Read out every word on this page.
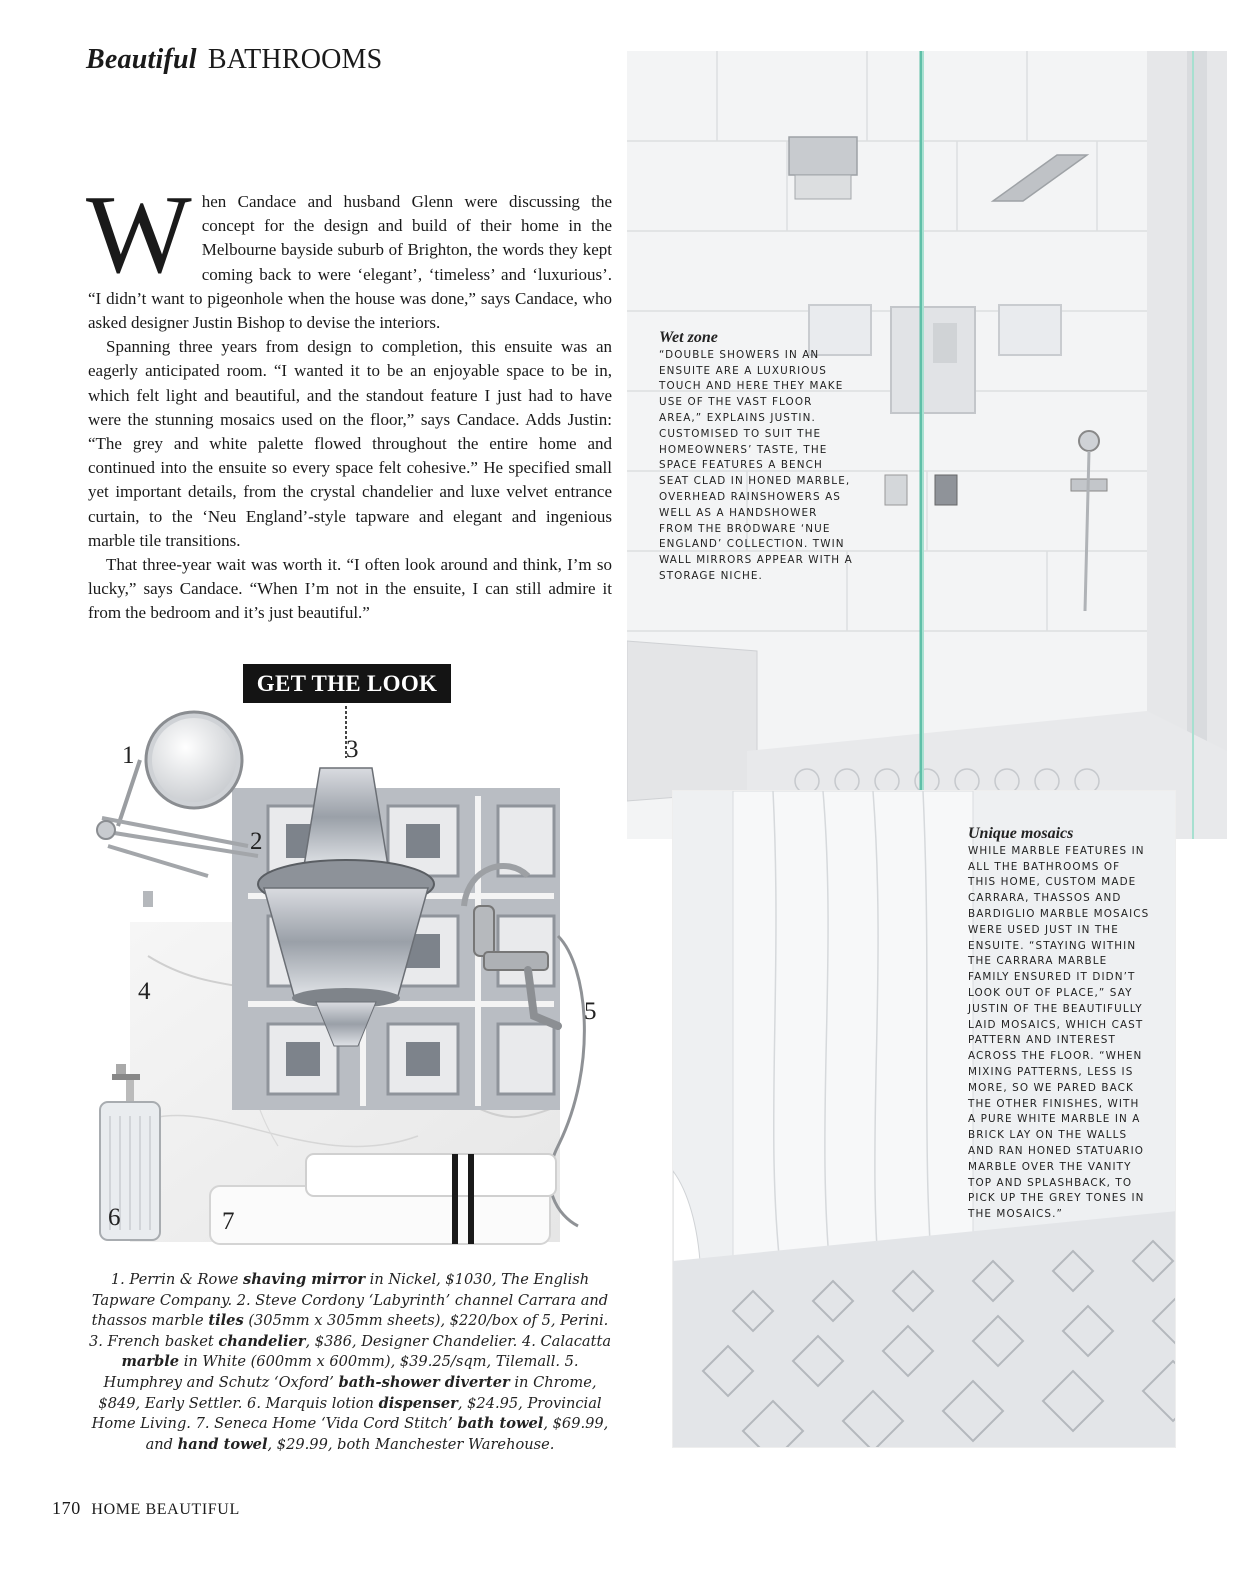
Beautiful BATHROOMS

When Candace and husband Glenn were discussing the concept for the design and build of their home in the Melbourne bayside suburb of Brighton, the words they kept coming back to were ‘elegant’, ‘timeless’ and ‘luxurious’. “I didn’t want to pigeonhole when the house was done,” says Candace, who asked designer Justin Bishop to devise the interiors.

Spanning three years from design to completion, this ensuite was an eagerly anticipated room. “I wanted it to be an enjoyable space to be in, which felt light and beautiful, and the standout feature I just had to have were the stunning mosaics used on the floor,” says Candace. Adds Justin: “The grey and white palette flowed throughout the entire home and continued into the ensuite so every space felt cohesive.” He specified small yet important details, from the crystal chandelier and luxe velvet entrance curtain, to the ‘Neu England’-style tapware and elegant and ingenious marble tile transitions.

That three-year wait was worth it. “I often look around and think, I’m so lucky,” says Candace. “When I’m not in the ensuite, I can still admire it from the bedroom and it’s just beautiful.”

GET THE LOOK
1
2
3
4
5
6	7
1. Perrin & Rowe shaving mirror in Nickel, $1030, The English Tapware Company. 2. Steve Cordony ‘Labyrinth’ channel Carrara and thassos marble tiles (305mm x 305mm sheets), $220/box of 5, Perini. 3. French basket chandelier, $386, Designer Chandelier. 4. Calacatta marble in White (600mm x 600mm), $39.25/sqm, Tilemall. 5. Humphrey and Schutz ‘Oxford’ bath-shower diverter in Chrome, $849, Early Settler. 6. Marquis lotion dispenser, $24.95, Provincial Home Living. 7. Seneca Home ‘Vida Cord Stitch’ bath towel, $69.99, and hand towel, $29.99, both Manchester Warehouse.
Wet zone
“DOUBLE SHOWERS IN AN ENSUITE ARE A LUXURIOUS TOUCH AND HERE THEY MAKE USE OF THE VAST FLOOR AREA,” EXPLAINS JUSTIN. CUSTOMISED TO SUIT THE HOMEOWNERS’ TASTE, THE SPACE FEATURES A BENCH SEAT CLAD IN HONED MARBLE, OVERHEAD RAINSHOWERS AS WELL AS A HANDSHOWER FROM THE BRODWARE ‘NUE ENGLAND’ COLLECTION. TWIN WALL MIRRORS APPEAR WITH A STORAGE NICHE.
Unique mosaics
WHILE MARBLE FEATURES IN ALL THE BATHROOMS OF THIS HOME, CUSTOM MADE CARRARA, THASSOS AND BARDIGLIO MARBLE MOSAICS WERE USED JUST IN THE ENSUITE. “STAYING WITHIN THE CARRARA MARBLE FAMILY ENSURED IT DIDN’T LOOK OUT OF PLACE,” SAY JUSTIN OF THE BEAUTIFULLY LAID MOSAICS, WHICH CAST PATTERN AND INTEREST ACROSS THE FLOOR. “WHEN MIXING PATTERNS, LESS IS MORE, SO WE PARED BACK THE OTHER FINISHES, WITH A PURE WHITE MARBLE IN A BRICK LAY ON THE WALLS AND RAN HONED STATUARIO MARBLE OVER THE VANITY TOP AND SPLASHBACK, TO PICK UP THE GREY TONES IN THE MOSAICS.”
170 HOME BEAUTIFUL
